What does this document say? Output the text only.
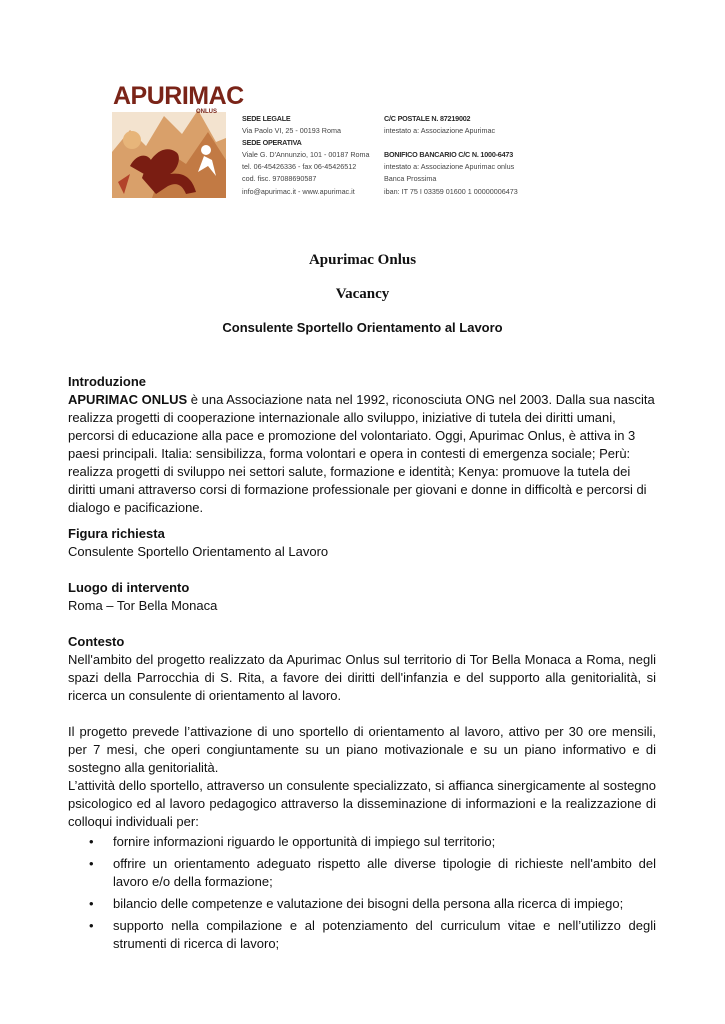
APURIMAC
ONLUS
SEDE LEGALE
Via Paolo VI, 25 - 00193 Roma
SEDE OPERATIVA
Viale G. D'Annunzio, 101 - 00187 Roma
tel. 06-45426336 - fax 06-45426512
cod. fisc. 97088690587
info@apurimac.it - www.apurimac.it
C/C POSTALE N. 87219002
intestato a: Associazione Apurimac
BONIFICO BANCARIO C/C N. 1000-6473
intestato a: Associazione Apurimac onlus
Banca Prossima
iban: IT 75 I 03359 01600 1 00000006473
Apurimac Onlus
Vacancy
Consulente Sportello Orientamento al Lavoro

Introduzione

APURIMAC ONLUS è una Associazione nata nel 1992, riconosciuta ONG nel 2003. Dalla sua nascita realizza progetti di cooperazione internazionale allo sviluppo, iniziative di tutela dei diritti umani, percorsi di educazione alla pace e promozione del volontariato. Oggi, Apurimac Onlus, è attiva in 3 paesi principali. Italia: sensibilizza, forma volontari e opera in contesti di emergenza sociale; Perù: realizza progetti di sviluppo nei settori salute, formazione e identità; Kenya: promuove la tutela dei diritti umani attraverso corsi di formazione professionale per giovani e donne in difficoltà e percorsi di dialogo e pacificazione.

Figura richiesta

Consulente Sportello Orientamento al Lavoro

Luogo di intervento

Roma – Tor Bella Monaca

Contesto

Nell'ambito del progetto realizzato da Apurimac Onlus sul territorio di Tor Bella Monaca a Roma, negli spazi della Parrocchia di S. Rita, a favore dei diritti dell'infanzia e del supporto alla genitorialità, si ricerca un consulente di orientamento al lavoro.

Il progetto prevede l’attivazione di uno sportello di orientamento al lavoro, attivo per 30 ore mensili, per 7 mesi, che operi congiuntamente su un piano motivazionale e su un piano informativo e di sostegno alla genitorialità.

L’attività dello sportello, attraverso un consulente specializzato, si affianca sinergicamente al sostegno psicologico ed al lavoro pedagogico attraverso la disseminazione di informazioni e la realizzazione di colloqui individuali per:

• fornire informazioni riguardo le opportunità di impiego sul territorio;
• offrire un orientamento adeguato rispetto alle diverse tipologie di richieste nell'ambito del lavoro e/o della formazione;
• bilancio delle competenze e valutazione dei bisogni della persona alla ricerca di impiego;
• supporto nella compilazione e al potenziamento del curriculum vitae e nell’utilizzo degli strumenti di ricerca di lavoro;
